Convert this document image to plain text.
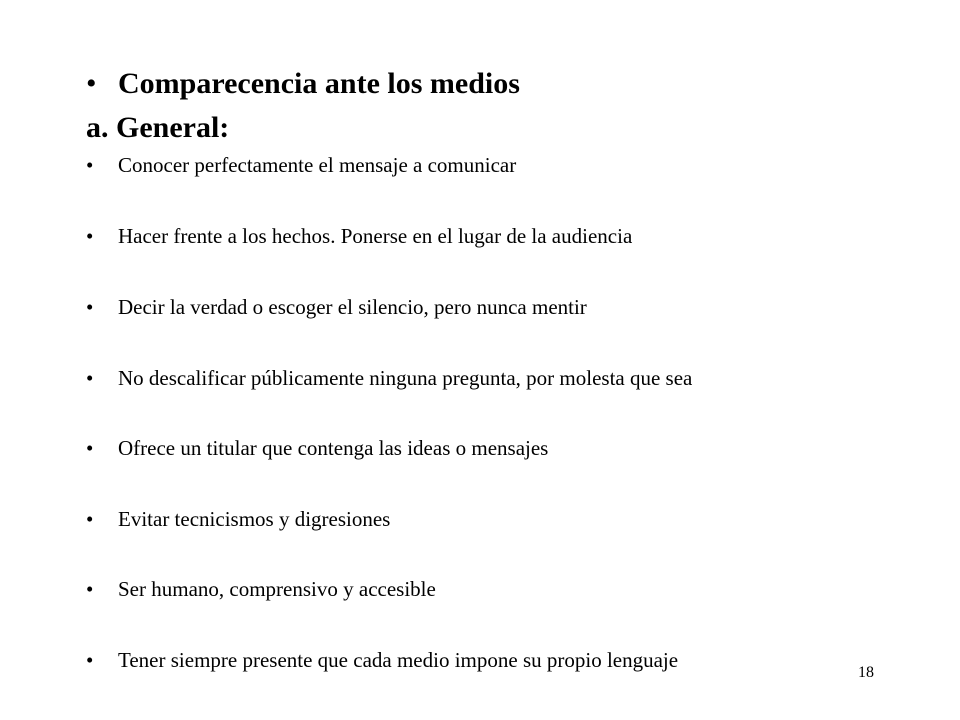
• Comparecencia ante los medios
a. General:
•	Conocer perfectamente el mensaje a comunicar
•	Hacer frente a los hechos. Ponerse en el lugar de la audiencia
•	Decir la verdad o escoger el silencio, pero nunca mentir
•	No descalificar públicamente ninguna pregunta, por molesta que sea
•	Ofrece un titular que contenga las ideas o mensajes
•	Evitar tecnicismos y digresiones
•	Ser humano, comprensivo y accesible
•	Tener siempre presente que cada medio impone su propio lenguaje
18
